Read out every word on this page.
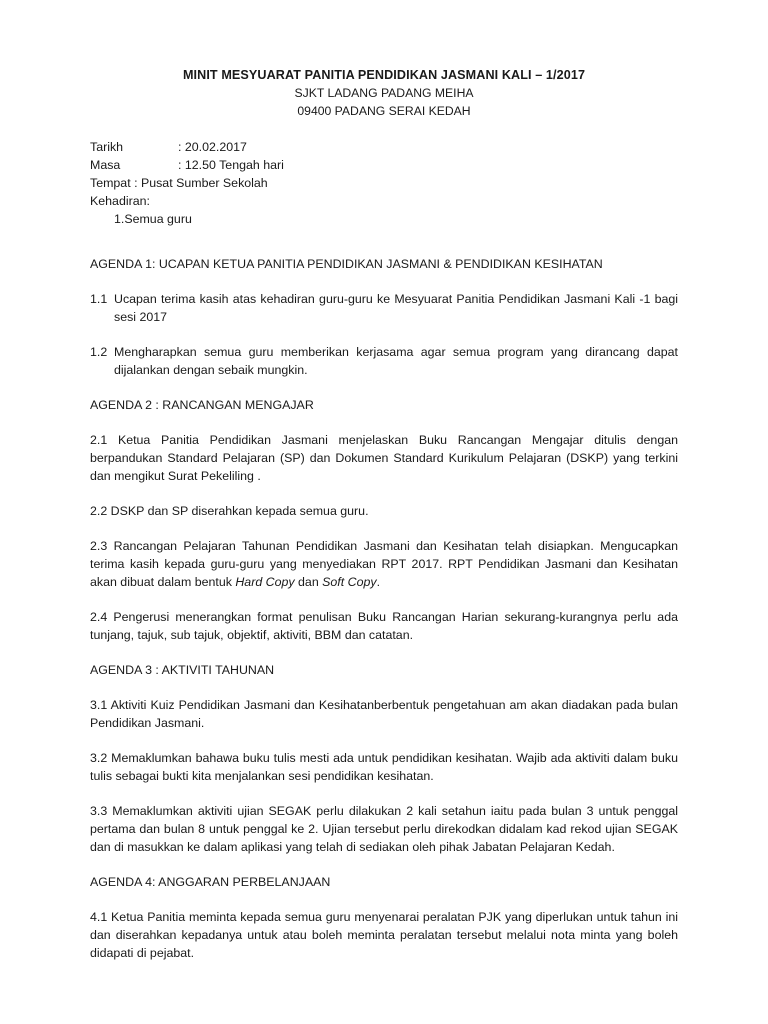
MINIT MESYUARAT PANITIA PENDIDIKAN JASMANI KALI – 1/2017
SJKT LADANG PADANG MEIHA
09400 PADANG SERAI KEDAH
Tarikh	: 20.02.2017
Masa	: 12.50 Tengah hari
Tempat : Pusat Sumber Sekolah
Kehadiran:
1.Semua guru
AGENDA 1: UCAPAN KETUA PANITIA PENDIDIKAN JASMANI & PENDIDIKAN KESIHATAN
1.1 Ucapan terima kasih atas kehadiran guru-guru ke Mesyuarat Panitia Pendidikan Jasmani Kali -1 bagi sesi 2017
1.2 Mengharapkan semua guru memberikan kerjasama agar semua program yang dirancang dapat dijalankan dengan sebaik mungkin.
AGENDA 2 : RANCANGAN MENGAJAR
2.1 Ketua Panitia Pendidikan Jasmani menjelaskan Buku Rancangan Mengajar ditulis dengan berpandukan Standard Pelajaran (SP) dan Dokumen Standard Kurikulum Pelajaran (DSKP) yang terkini dan mengikut Surat Pekeliling .
2.2 DSKP dan SP diserahkan kepada semua guru.
2.3 Rancangan Pelajaran Tahunan Pendidikan Jasmani dan Kesihatan telah disiapkan. Mengucapkan terima kasih kepada guru-guru yang menyediakan RPT 2017. RPT Pendidikan Jasmani dan Kesihatan akan dibuat dalam bentuk Hard Copy dan Soft Copy.
2.4 Pengerusi menerangkan format penulisan Buku Rancangan Harian sekurang-kurangnya perlu ada tunjang, tajuk, sub tajuk, objektif, aktiviti, BBM dan catatan.
AGENDA 3 : AKTIVITI TAHUNAN
3.1 Aktiviti Kuiz Pendidikan Jasmani dan Kesihatanberbentuk pengetahuan am akan diadakan pada bulan Pendidikan Jasmani.
3.2 Memaklumkan bahawa buku tulis mesti ada untuk pendidikan kesihatan. Wajib ada aktiviti dalam buku tulis sebagai bukti kita menjalankan sesi pendidikan kesihatan.
3.3 Memaklumkan aktiviti ujian SEGAK perlu dilakukan 2 kali setahun iaitu pada bulan 3 untuk penggal pertama dan bulan 8 untuk penggal ke 2. Ujian tersebut perlu direkodkan didalam kad rekod ujian SEGAK dan di masukkan ke dalam aplikasi yang telah di sediakan oleh pihak Jabatan Pelajaran Kedah.
AGENDA 4: ANGGARAN PERBELANJAAN
4.1 Ketua Panitia meminta kepada semua guru menyenarai peralatan PJK yang diperlukan untuk tahun ini dan diserahkan kepadanya untuk atau boleh meminta peralatan tersebut melalui nota minta yang boleh didapati di pejabat.
